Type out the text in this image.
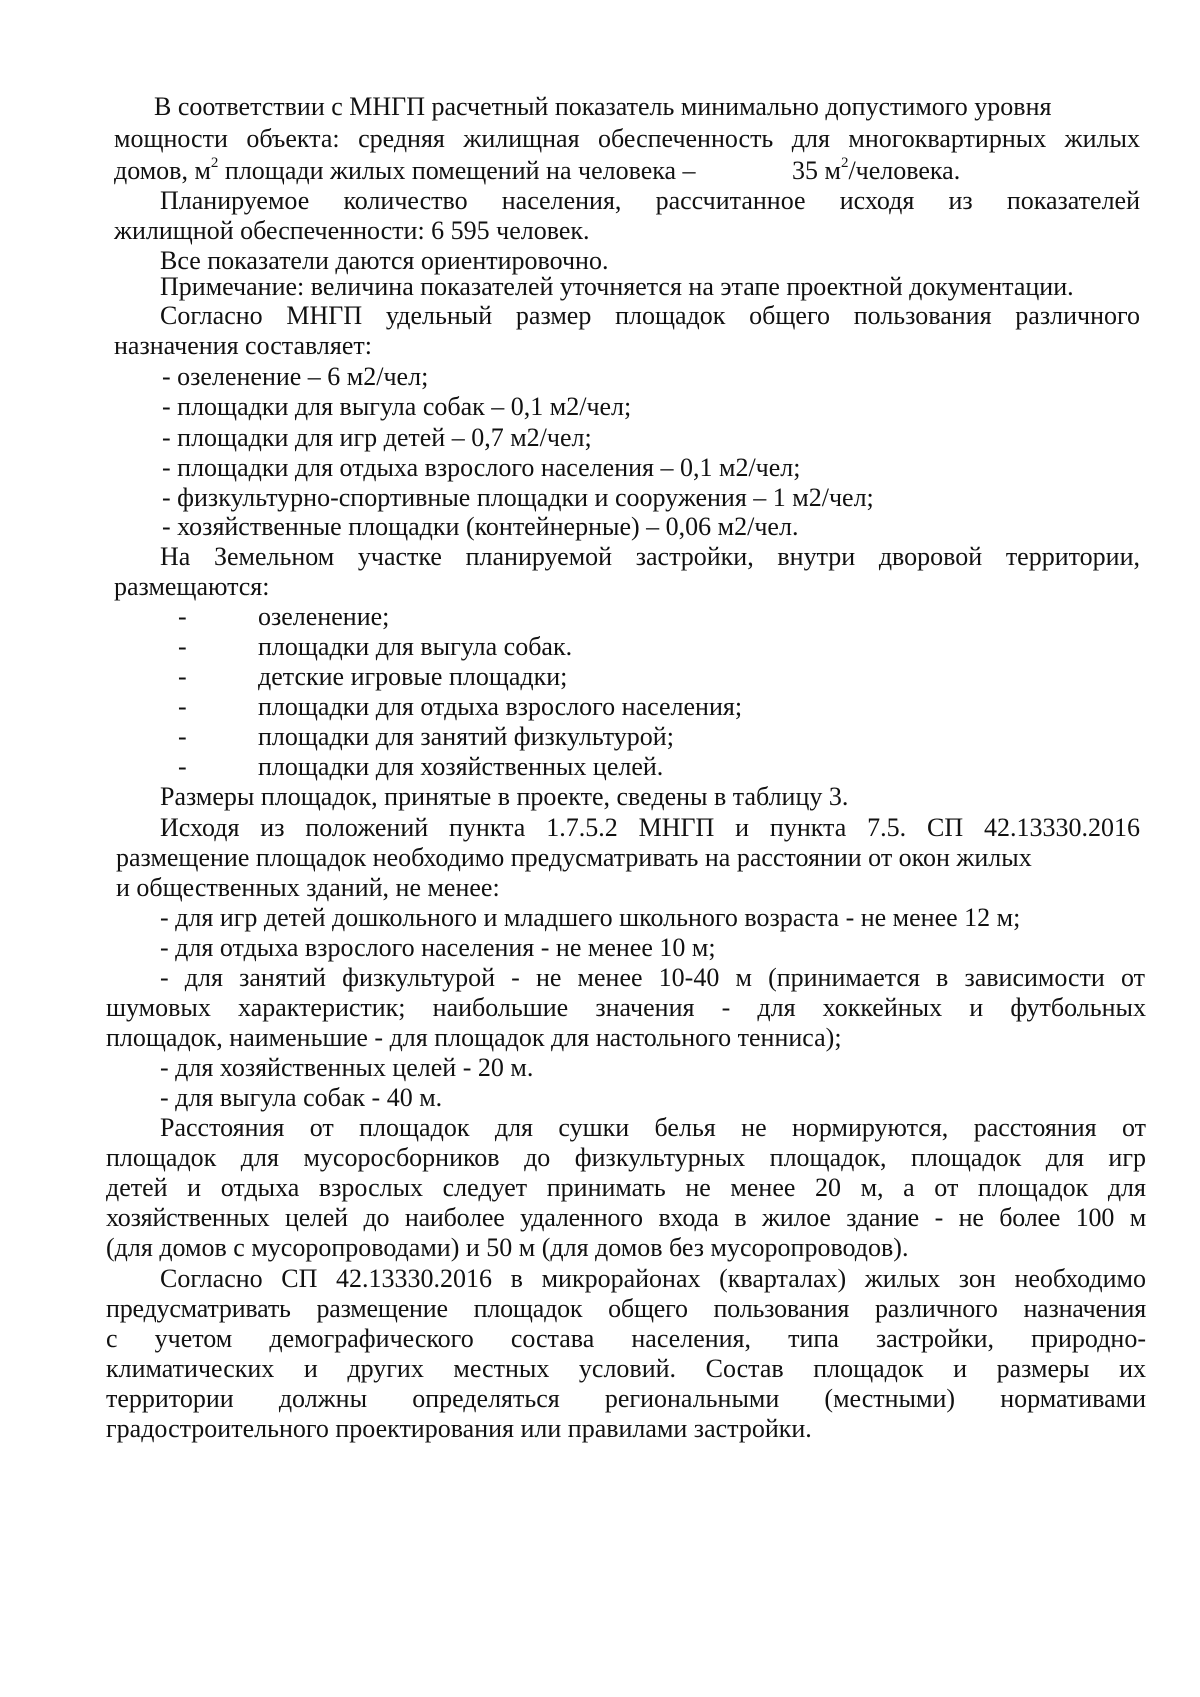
В соответствии с МНГП расчетный показатель минимально допустимого уровня
мощности объекта: средняя жилищная обеспеченность для многоквартирных жилых
домов, $м^2$ площади жилых помещений на человека –	35 $м^2$/человека.
Планируемое количество населения, рассчитанное исходя из показателей
жилищной обеспеченности: 6 595 человек.
Все показатели даются ориентировочно.
Примечание: величина показателей уточняется на этапе проектной документации.
Согласно МНГП удельный размер площадок общего пользования различного
назначения составляет:
- озеленение – 6 м2/чел;
- площадки для выгула собак – 0,1 м2/чел;
- площадки для игр детей – 0,7 м2/чел;
- площадки для отдыха взрослого населения – 0,1 м2/чел;
- физкультурно-спортивные площадки и сооружения – 1 м2/чел;
- хозяйственные площадки (контейнерные) – 0,06 м2/чел.
На Земельном участке планируемой застройки, внутри дворовой территории,
размещаются:
-	озеленение;
-	площадки для выгула собак.
-	детские игровые площадки;
-	площадки для отдыха взрослого населения;
-	площадки для занятий физкультурой;
-	площадки для хозяйственных целей.
Размеры площадок, принятые в проекте, сведены в таблицу 3.
Исходя из положений пункта 1.7.5.2 МНГП и пункта 7.5. СП 42.13330.2016
размещение площадок необходимо предусматривать на расстоянии от окон жилых
и общественных зданий, не менее:
- для игр детей дошкольного и младшего школьного возраста - не менее 12 м;
- для отдыха взрослого населения - не менее 10 м;
- для занятий физкультурой - не менее 10-40 м (принимается в зависимости от
шумовых характеристик; наибольшие значения - для хоккейных и футбольных
площадок, наименьшие - для площадок для настольного тенниса);
- для хозяйственных целей - 20 м.
- для выгула собак - 40 м.
Расстояния от площадок для сушки белья не нормируются, расстояния от
площадок для мусоросборников до физкультурных площадок, площадок для игр
детей и отдыха взрослых следует принимать не менее 20 м, а от площадок для
хозяйственных целей до наиболее удаленного входа в жилое здание - не более 100 м
(для домов с мусоропроводами) и 50 м (для домов без мусоропроводов).
Согласно СП 42.13330.2016 в микрорайонах (кварталах) жилых зон необходимо
предусматривать размещение площадок общего пользования различного назначения
с учетом демографического состава населения, типа застройки, природно-
климатических и других местных условий. Состав площадок и размеры их
территории должны определяться региональными (местными) нормативами
градостроительного проектирования или правилами застройки.
